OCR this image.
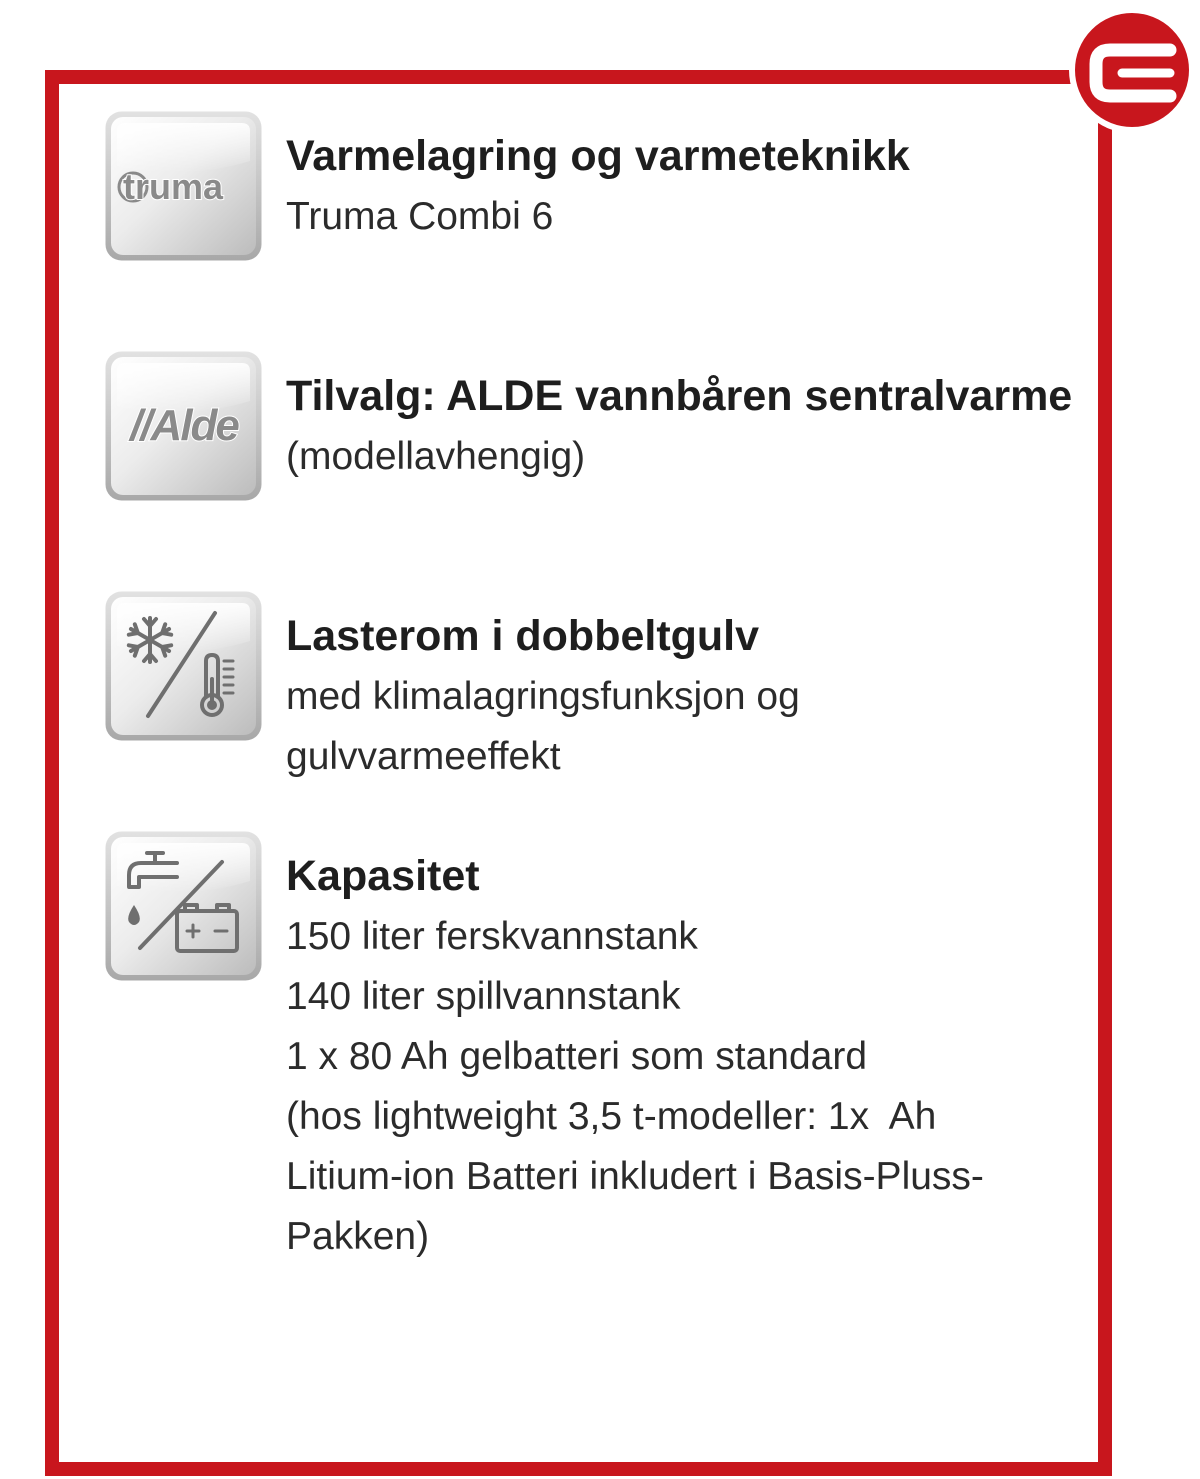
truma
Varmelagring og varmeteknikk
Truma Combi 6
//Alde
Tilvalg: ALDE vannbåren sentralvarme
(modellavhengig)
Lasterom i dobbeltgulv
med klimalagringsfunksjon og
gulvvarmeeffekt
Kapasitet
150 liter ferskvannstank
140 liter spillvannstank
1 x 80 Ah gelbatteri som standard
(hos lightweight 3,5 t-modeller: 1x  Ah
Litium-ion Batteri inkludert i Basis-Pluss-
Pakken)
